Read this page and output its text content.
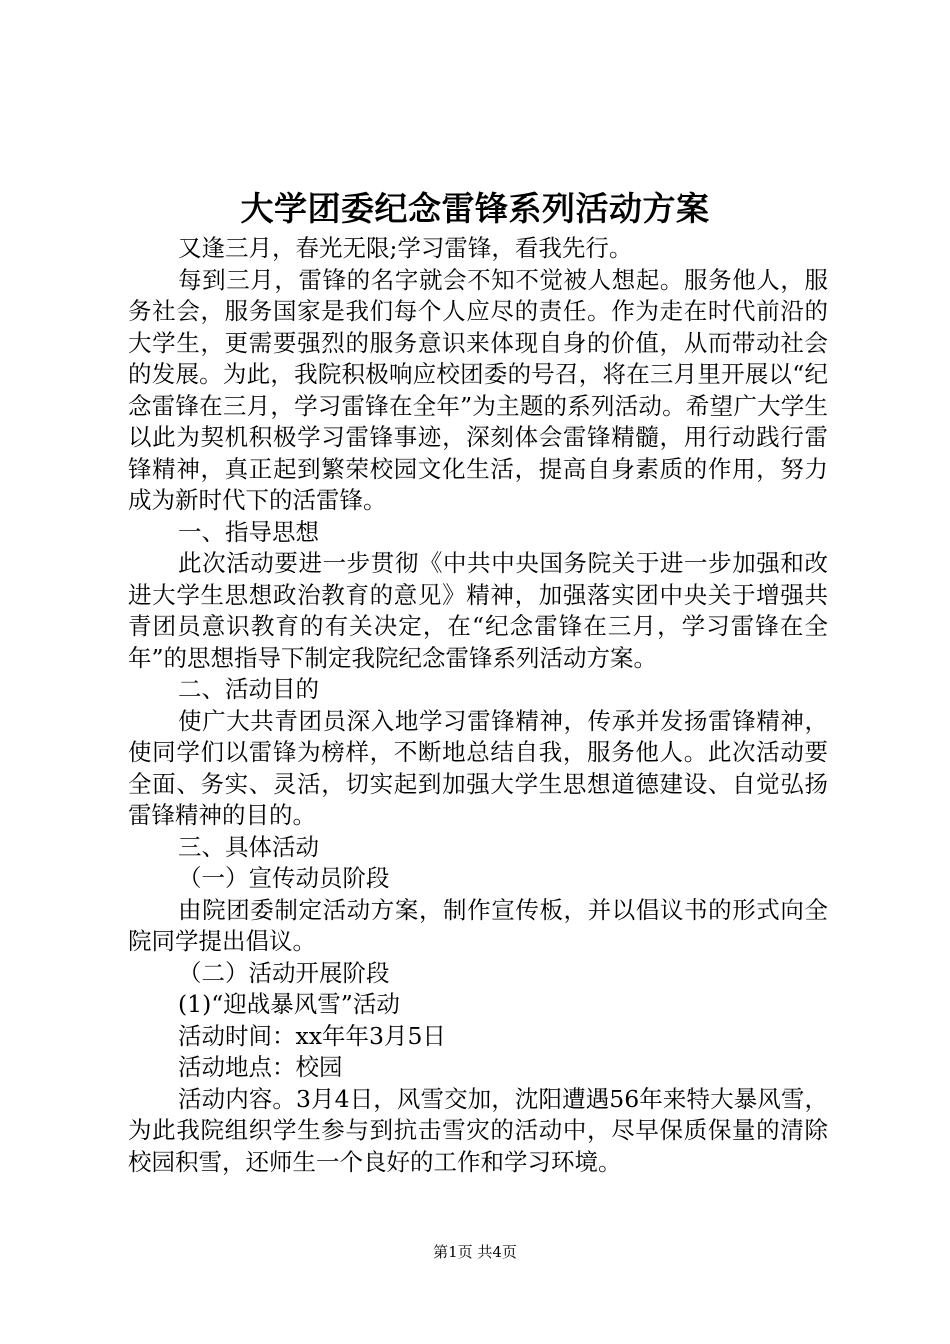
大学团委纪念雷锋系列活动方案

又逢三月，春光无限;学习雷锋，看我先行。

每到三月，雷锋的名字就会不知不觉被人想起。服务他人，服务社会，服务国家是我们每个人应尽的责任。作为走在时代前沿的大学生，更需要强烈的服务意识来体现自身的价值，从而带动社会的发展。为此，我院积极响应校团委的号召，将在三月里开展以“纪念雷锋在三月，学习雷锋在全年”为主题的系列活动。希望广大学生以此为契机积极学习雷锋事迹，深刻体会雷锋精髓，用行动践行雷锋精神，真正起到繁荣校园文化生活，提高自身素质的作用，努力成为新时代下的活雷锋。

一、指导思想

此次活动要进一步贯彻《中共中央国务院关于进一步加强和改进大学生思想政治教育的意见》精神，加强落实团中央关于增强共青团员意识教育的有关决定，在“纪念雷锋在三月，学习雷锋在全年”的思想指导下制定我院纪念雷锋系列活动方案。

二、活动目的

使广大共青团员深入地学习雷锋精神，传承并发扬雷锋精神，使同学们以雷锋为榜样，不断地总结自我，服务他人。此次活动要全面、务实、灵活，切实起到加强大学生思想道德建设、自觉弘扬雷锋精神的目的。

三、具体活动

（一）宣传动员阶段

由院团委制定活动方案，制作宣传板，并以倡议书的形式向全院同学提出倡议。

（二）活动开展阶段

(1)“迎战暴风雪”活动

活动时间：xx年年3月5日

活动地点：校园

活动内容。3月4日，风雪交加，沈阳遭遇56年来特大暴风雪，为此我院组织学生参与到抗击雪灾的活动中，尽早保质保量的清除校园积雪，还师生一个良好的工作和学习环境。

第1页 共4页
